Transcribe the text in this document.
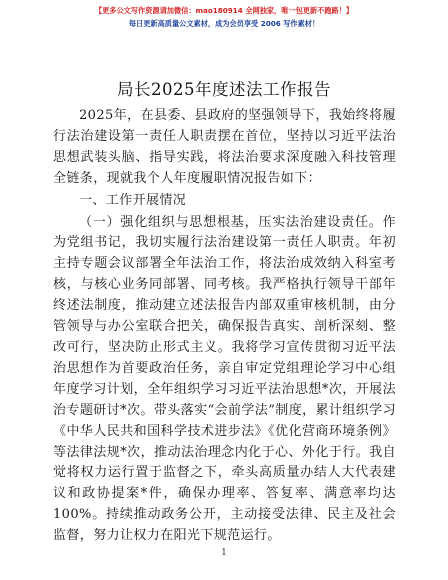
【更多公文写作资源请加微信：mao180914 全网独家，唯一包更新不跑路！】
每日更新高质量公文素材，成为会员享受 2006 写作素材！
局长2025年度述法工作报告

2025年，在县委、县政府的坚强领导下，我始终将履行法治建设第一责任人职责摆在首位，坚持以习近平法治思想武装头脑、指导实践，将法治要求深度融入科技管理全链条，现就我个人年度履职情况报告如下：

一、工作开展情况

（一）强化组织与思想根基，压实法治建设责任。作为党组书记，我切实履行法治建设第一责任人职责。年初主持专题会议部署全年法治工作，将法治成效纳入科室考核，与核心业务同部署、同考核。我严格执行领导干部年终述法制度，推动建立述法报告内部双重审核机制，由分管领导与办公室联合把关，确保报告真实、剖析深刻、整改可行，坚决防止形式主义。我将学习宣传贯彻习近平法治思想作为首要政治任务，亲自审定党组理论学习中心组年度学习计划，全年组织学习习近平法治思想*次，开展法治专题研讨*次。带头落实“会前学法”制度，累计组织学习《中华人民共和国科学技术进步法》《优化营商环境条例》等法律法规*次，推动法治理念内化于心、外化于行。我自觉将权力运行置于监督之下，牵头高质量办结人大代表建议和政协提案*件，确保办理率、答复率、满意率均达100%。持续推动政务公开，主动接受法律、民主及社会监督，努力让权力在阳光下规范运行。

1
